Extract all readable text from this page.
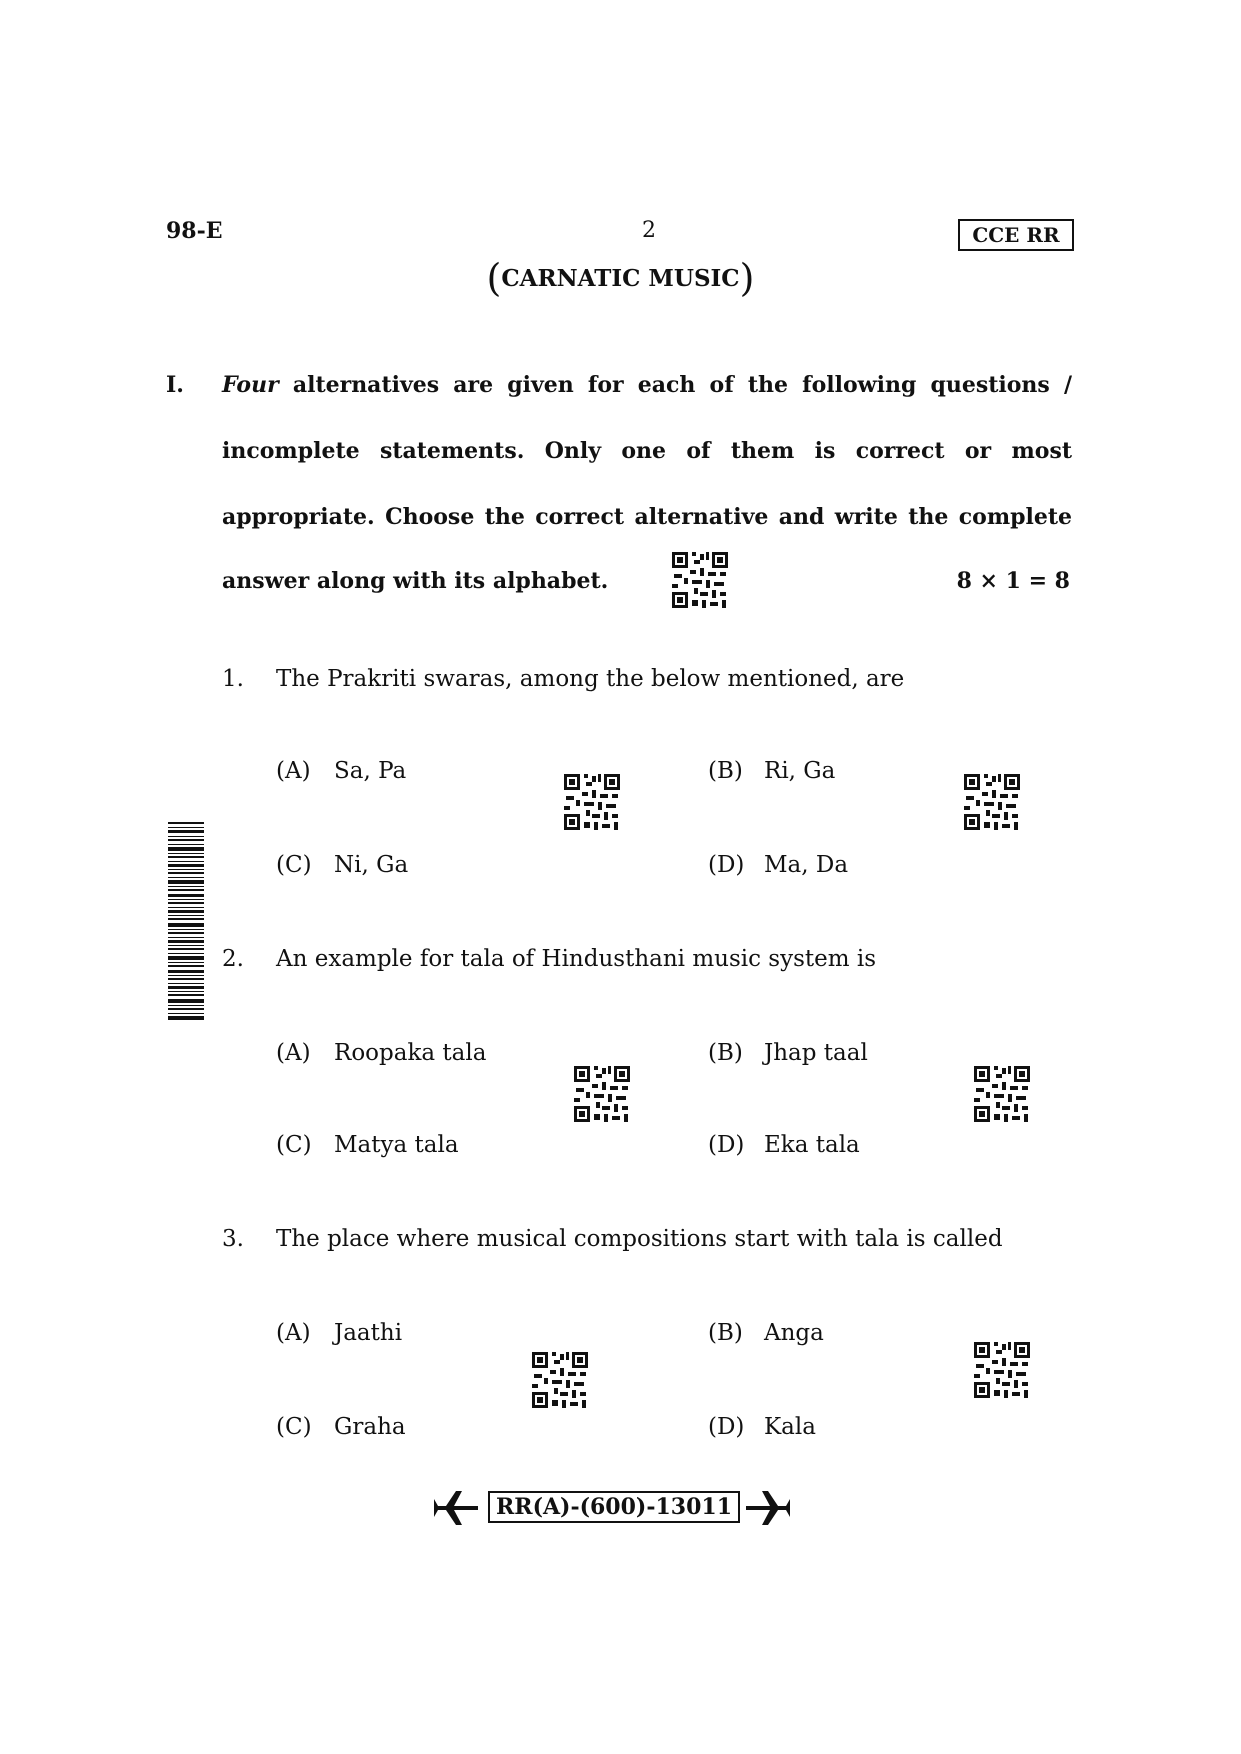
98-E	2	CCE RR
(CARNATIC MUSIC)
I. Four alternatives are given for each of the following questions /
incomplete statements. Only one of them is correct or most
appropriate. Choose the correct alternative and write the complete
answer along with its alphabet.	8 × 1 = 8
1. The Prakriti swaras, among the below mentioned, are
(A) Sa, Pa	(B) Ri, Ga
(C) Ni, Ga	(D) Ma, Da
2. An example for tala of Hindusthani music system is
(A) Roopaka tala	(B) Jhap taal
(C) Matya tala	(D) Eka tala
3. The place where musical compositions start with tala is called
(A) Jaathi	(B) Anga
(C) Graha	(D) Kala
RR(A)-(600)-13011
